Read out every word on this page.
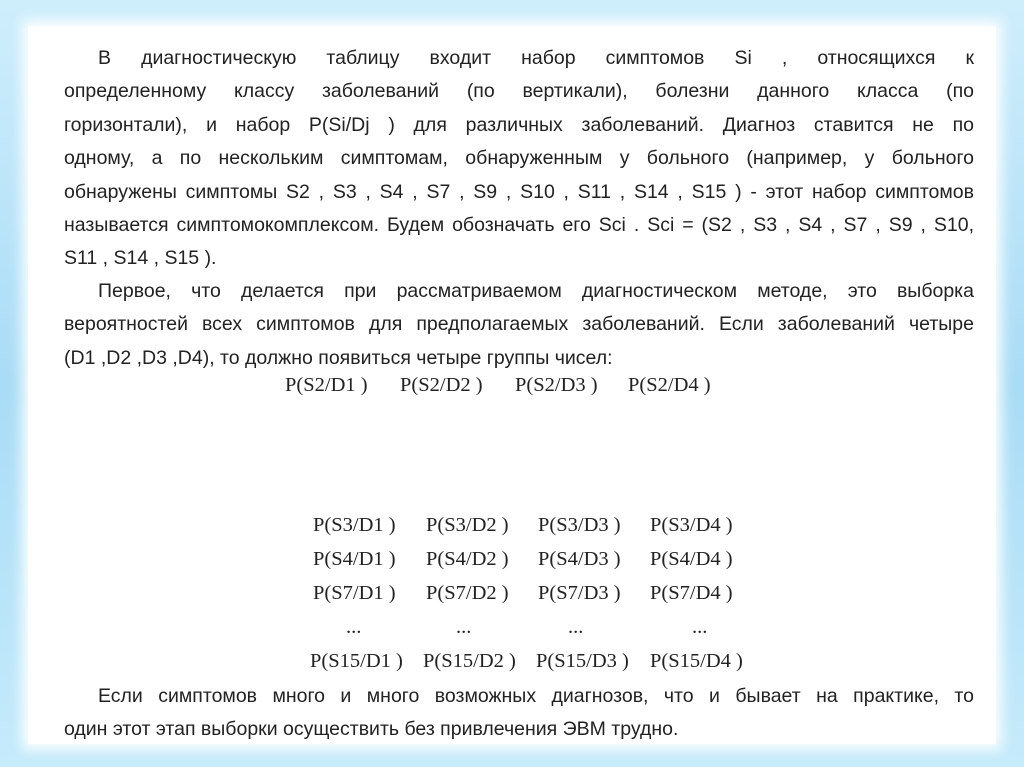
В диагностическую таблицу входит набор симптомов Si , относящихся к
определенному классу заболеваний (по вертикали), болезни данного класса (по
горизонтали), и набор P(Si/Dj ) для различных заболеваний. Диагноз ставится не по
одному, а по нескольким симптомам, обнаруженным у больного (например, у больного
обнаружены симптомы S2 , S3 , S4 , S7 , S9 , S10 , S11 , S14 , S15 ) - этот набор симптомов
называется симптомокомплексом. Будем обозначать его Sci . Sci = (S2 , S3 , S4 , S7 , S9 , S10,
S11 , S14 , S15 ).

Первое, что делается при рассматриваемом диагностическом методе, это выборка
вероятностей всех симптомов для предполагаемых заболеваний. Если заболеваний четыре
(D1 ,D2 ,D3 ,D4), то должно появиться четыре группы чисел:

P(S2/D1 ) P(S2/D2 ) P(S2/D3 ) P(S2/D4 )
P(S3/D1 ) P(S3/D2 ) P(S3/D3 ) P(S3/D4 )
P(S4/D1 ) P(S4/D2 ) P(S4/D3 ) P(S4/D4 )
P(S7/D1 ) P(S7/D2 ) P(S7/D3 ) P(S7/D4 )
...	...	...	...
P(S15/D1 ) P(S15/D2 ) P(S15/D3 ) P(S15/D4 )

Если симптомов много и много возможных диагнозов, что и бывает на практике, то
один этот этап выборки осуществить без привлечения ЭВМ трудно.
